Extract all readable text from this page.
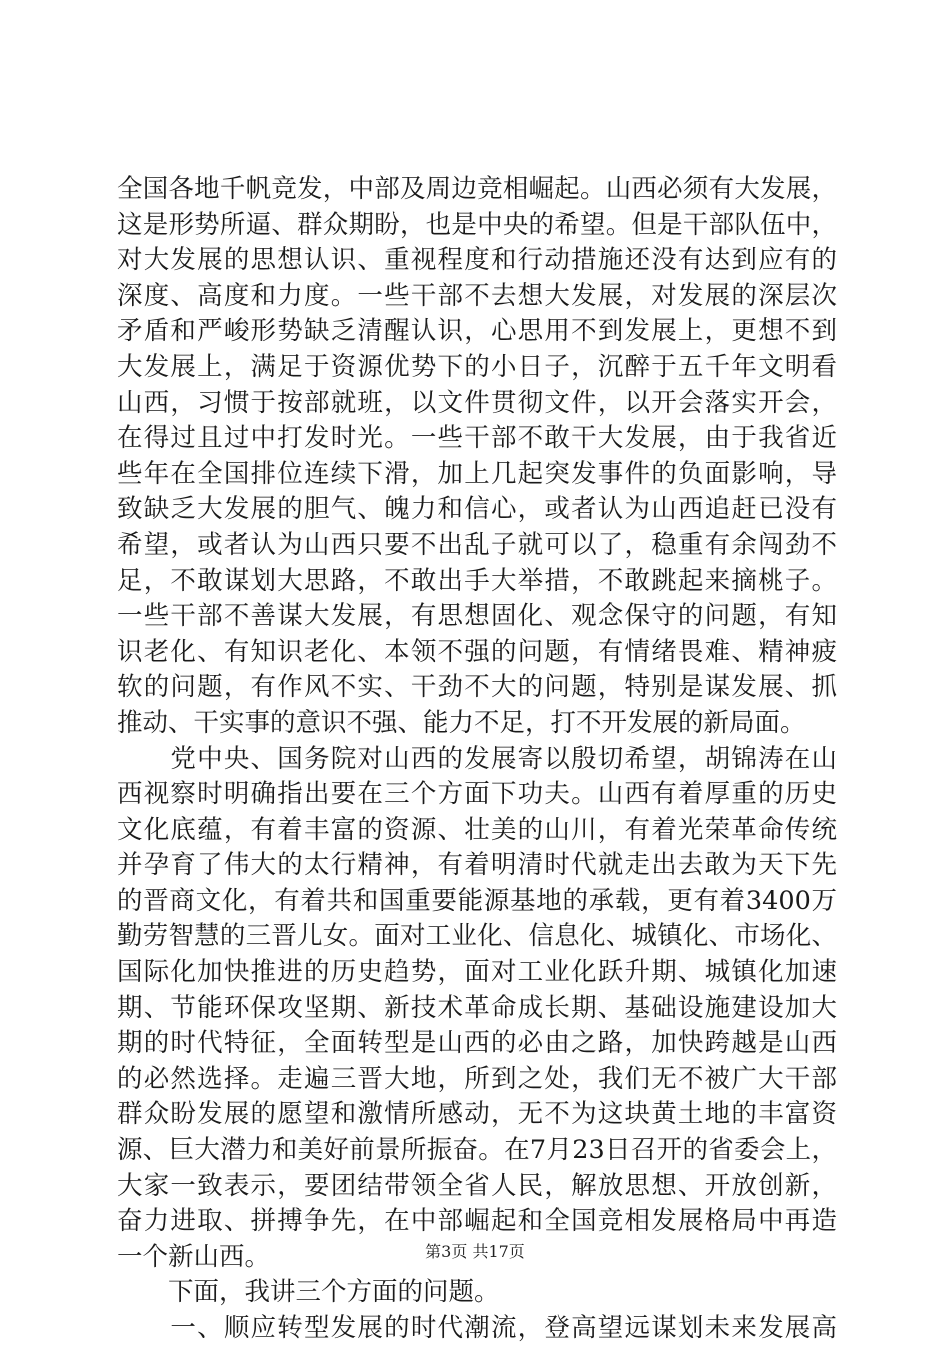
全国各地千帆竞发，中部及周边竞相崛起。山西必须有大发展，
这是形势所逼、群众期盼，也是中央的希望。但是干部队伍中，
对大发展的思想认识、重视程度和行动措施还没有达到应有的
深度、高度和力度。一些干部不去想大发展，对发展的深层次
矛盾和严峻形势缺乏清醒认识，心思用不到发展上，更想不到
大发展上，满足于资源优势下的小日子，沉醉于五千年文明看
山西，习惯于按部就班，以文件贯彻文件，以开会落实开会，
在得过且过中打发时光。一些干部不敢干大发展，由于我省近
些年在全国排位连续下滑，加上几起突发事件的负面影响，导
致缺乏大发展的胆气、魄力和信心，或者认为山西追赶已没有
希望，或者认为山西只要不出乱子就可以了，稳重有余闯劲不
足，不敢谋划大思路，不敢出手大举措，不敢跳起来摘桃子。
一些干部不善谋大发展，有思想固化、观念保守的问题，有知
识老化、有知识老化、本领不强的问题，有情绪畏难、精神疲
软的问题，有作风不实、干劲不大的问题，特别是谋发展、抓
推动、干实事的意识不强、能力不足，打不开发展的新局面。
　　党中央、国务院对山西的发展寄以殷切希望，胡锦涛在山
西视察时明确指出要在三个方面下功夫。山西有着厚重的历史
文化底蕴，有着丰富的资源、壮美的山川，有着光荣革命传统
并孕育了伟大的太行精神，有着明清时代就走出去敢为天下先
的晋商文化，有着共和国重要能源基地的承载，更有着3400万
勤劳智慧的三晋儿女。面对工业化、信息化、城镇化、市场化、
国际化加快推进的历史趋势，面对工业化跃升期、城镇化加速
期、节能环保攻坚期、新技术革命成长期、基础设施建设加大
期的时代特征，全面转型是山西的必由之路，加快跨越是山西
的必然选择。走遍三晋大地，所到之处，我们无不被广大干部
群众盼发展的愿望和激情所感动，无不为这块黄土地的丰富资
源、巨大潜力和美好前景所振奋。在7月23日召开的省委会上，
大家一致表示，要团结带领全省人民，解放思想、开放创新，
奋力进取、拼搏争先，在中部崛起和全国竞相发展格局中再造
一个新山西。
　　下面，我讲三个方面的问题。
　　一、顺应转型发展的时代潮流，登高望远谋划未来发展高
第3页 共17页
